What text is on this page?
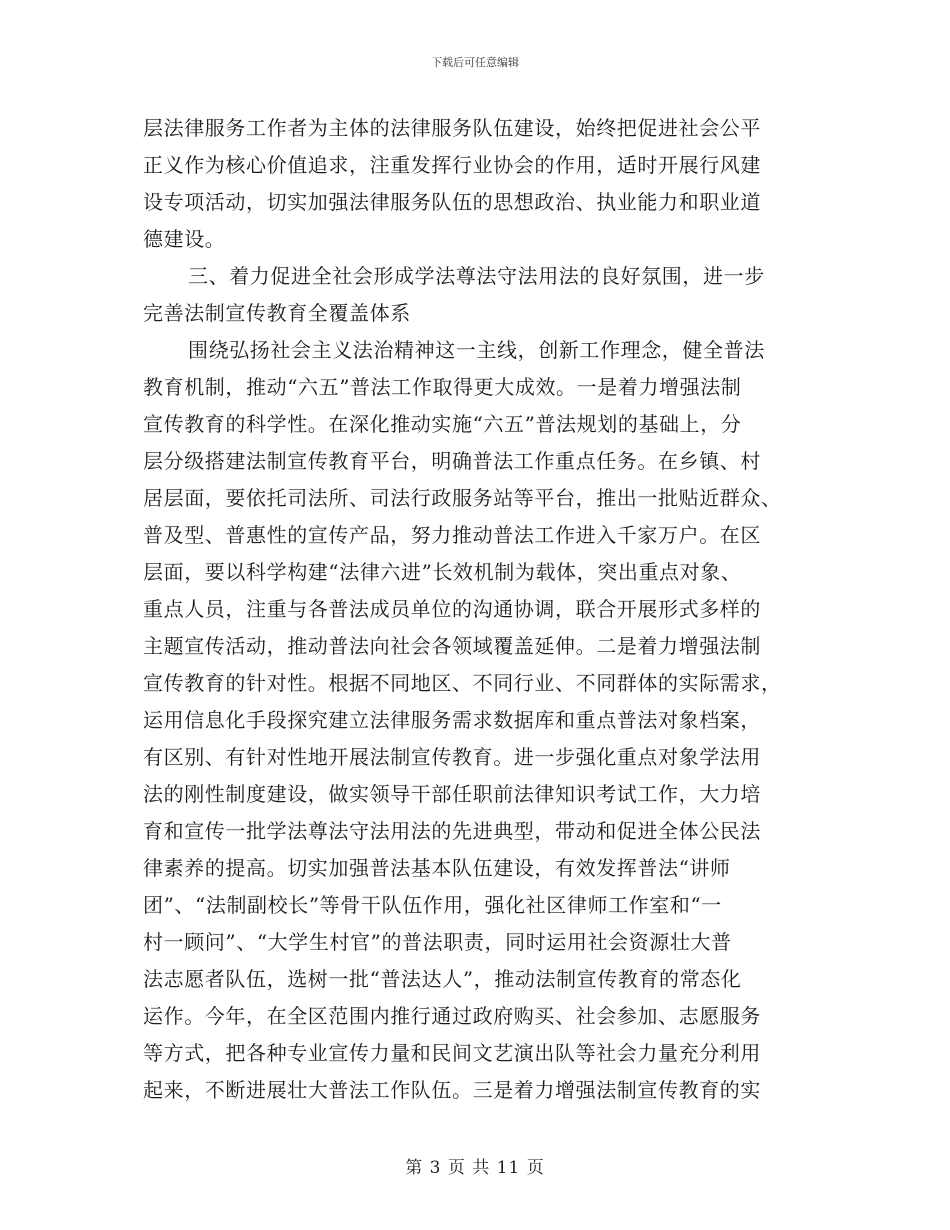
下载后可任意编辑
层法律服务工作者为主体的法律服务队伍建设，始终把促进社会公平
正义作为核心价值追求，注重发挥行业协会的作用，适时开展行风建
设专项活动，切实加强法律服务队伍的思想政治、执业能力和职业道
德建设。
三、着力促进全社会形成学法尊法守法用法的良好氛围，进一步
完善法制宣传教育全覆盖体系
围绕弘扬社会主义法治精神这一主线，创新工作理念，健全普法
教育机制，推动“六五”普法工作取得更大成效。一是着力增强法制
宣传教育的科学性。在深化推动实施“六五”普法规划的基础上，分
层分级搭建法制宣传教育平台，明确普法工作重点任务。在乡镇、村
居层面，要依托司法所、司法行政服务站等平台，推出一批贴近群众、
普及型、普惠性的宣传产品，努力推动普法工作进入千家万户。在区
层面，要以科学构建“法律六进”长效机制为载体，突出重点对象、
重点人员，注重与各普法成员单位的沟通协调，联合开展形式多样的
主题宣传活动，推动普法向社会各领域覆盖延伸。二是着力增强法制
宣传教育的针对性。根据不同地区、不同行业、不同群体的实际需求，
运用信息化手段探究建立法律服务需求数据库和重点普法对象档案，
有区别、有针对性地开展法制宣传教育。进一步强化重点对象学法用
法的刚性制度建设，做实领导干部任职前法律知识考试工作，大力培
育和宣传一批学法尊法守法用法的先进典型，带动和促进全体公民法
律素养的提高。切实加强普法基本队伍建设，有效发挥普法“讲师
团”、“法制副校长”等骨干队伍作用，强化社区律师工作室和“一
村一顾问”、“大学生村官”的普法职责，同时运用社会资源壮大普
法志愿者队伍，选树一批“普法达人”，推动法制宣传教育的常态化
运作。今年，在全区范围内推行通过政府购买、社会参加、志愿服务
等方式，把各种专业宣传力量和民间文艺演出队等社会力量充分利用
起来，不断进展壮大普法工作队伍。三是着力增强法制宣传教育的实
第 3 页 共 11 页
